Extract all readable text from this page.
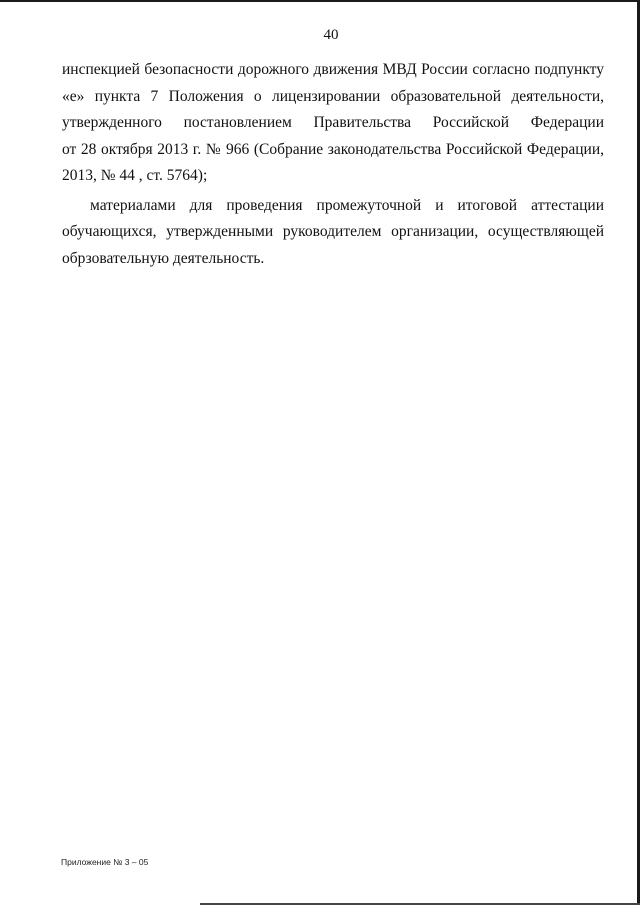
40
инспекцией безопасности дорожного движения МВД России согласно подпункту
«е» пункта 7 Положения о лицензировании образовательной деятельности,
утвержденного постановлением Правительства Российской Федерации
от 28 октября 2013 г. № 966 (Собрание законодательства Российской Федерации,
2013, № 44 , ст. 5764);
материалами для проведения промежуточной и итоговой аттестации
обучающихся, утвержденными руководителем организации, осуществляющей
обрзовательную деятельность.
Приложение № 3 – 05
